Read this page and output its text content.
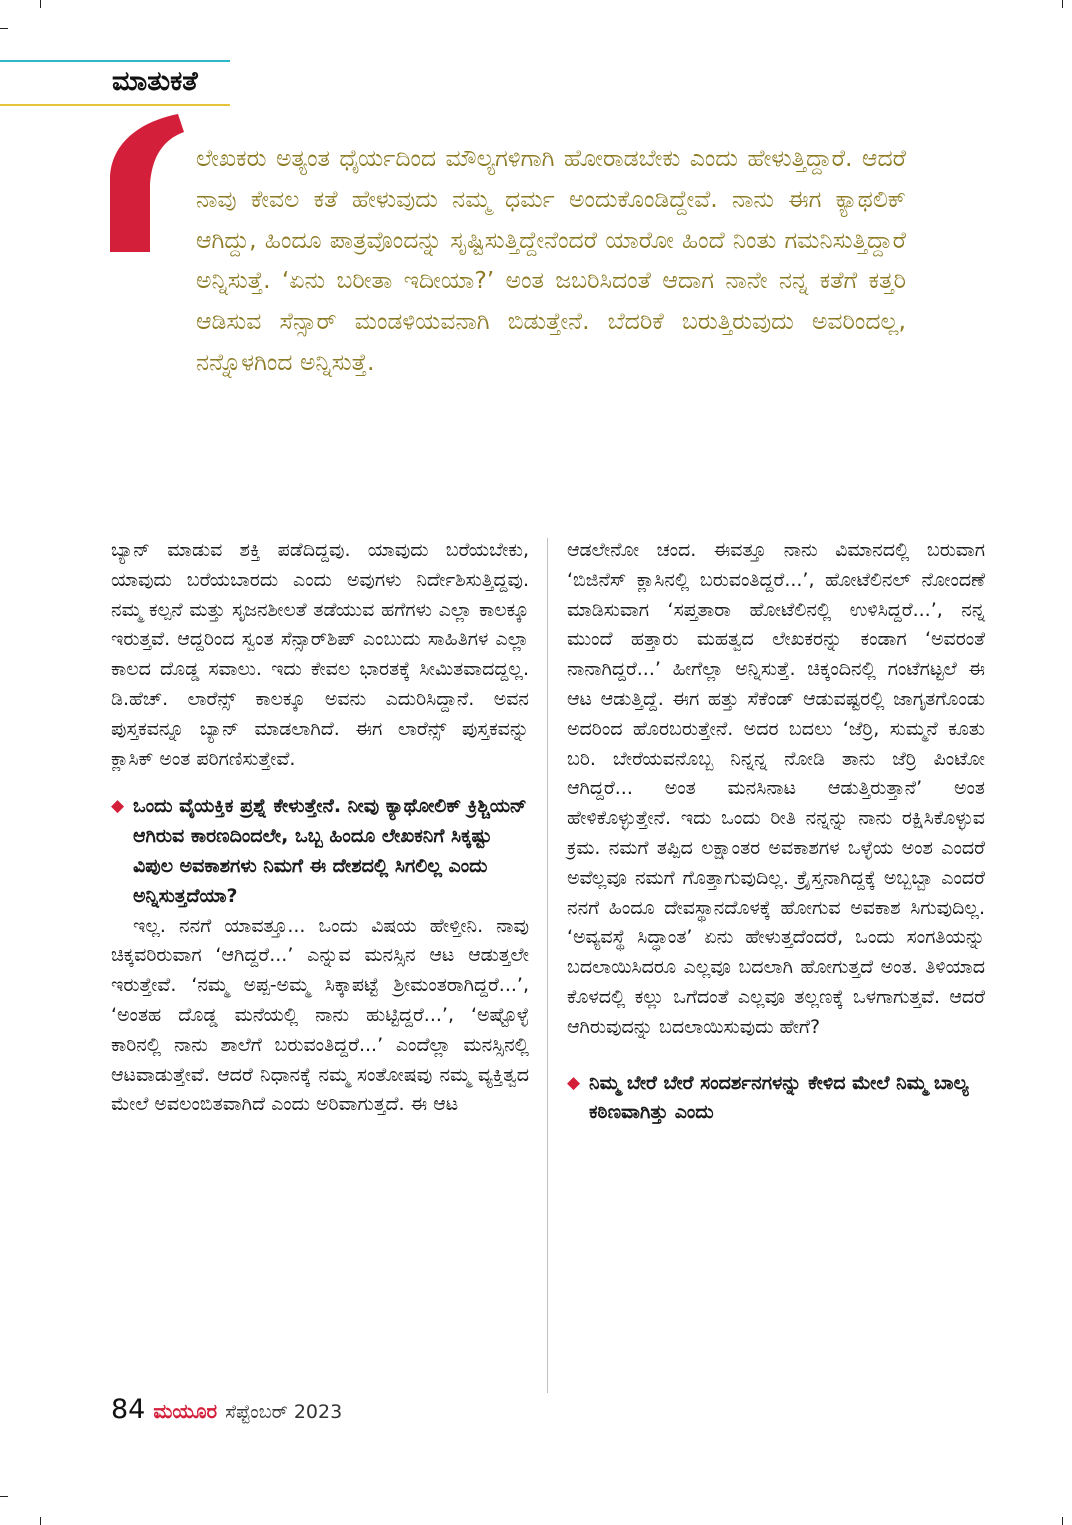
ಮಾತುಕತೆ
ಲೇಖಕರು ಅತ್ಯಂತ ಧೈರ್ಯದಿಂದ ಮೌಲ್ಯಗಳಿಗಾಗಿ ಹೋರಾಡಬೇಕು ಎಂದು ಹೇಳುತ್ತಿದ್ದಾರೆ. ಆದರೆ ನಾವು ಕೇವಲ ಕತೆ ಹೇಳುವುದು ನಮ್ಮ ಧರ್ಮ ಅಂದುಕೊಂಡಿದ್ದೇವೆ. ನಾನು ಈಗ ಕ್ಯಾಥಲಿಕ್ ಆಗಿದ್ದು, ಹಿಂದೂ ಪಾತ್ರವೊಂದನ್ನು ಸೃಷ್ಟಿಸುತ್ತಿದ್ದೇನೆಂದರೆ ಯಾರೋ ಹಿಂದೆ ನಿಂತು ಗಮನಿಸುತ್ತಿದ್ದಾರೆ ಅನ್ನಿಸುತ್ತೆ. ‘ಏನು ಬರೀತಾ ಇದೀಯಾ?’ ಅಂತ ಜಬರಿಸಿದಂತೆ ಆದಾಗ ನಾನೇ ನನ್ನ ಕತೆಗೆ ಕತ್ತರಿ ಆಡಿಸುವ ಸೆನ್ಸಾರ್ ಮಂಡಳಿಯವನಾಗಿ ಬಿಡುತ್ತೇನೆ. ಬೆದರಿಕೆ ಬರುತ್ತಿರುವುದು ಅವರಿಂದಲ್ಲ, ನನ್ನೊಳಗಿಂದ ಅನ್ನಿಸುತ್ತೆ.

ಬ್ಯಾನ್ ಮಾಡುವ ಶಕ್ತಿ ಪಡೆದಿದ್ದವು. ಯಾವುದು ಬರೆಯಬೇಕು, ಯಾವುದು ಬರೆಯಬಾರದು ಎಂದು ಅವುಗಳು ನಿರ್ದೇಶಿಸುತ್ತಿದ್ದವು. ನಮ್ಮ ಕಲ್ಪನೆ ಮತ್ತು ಸೃಜನಶೀಲತೆ ತಡೆಯುವ ಹಗೆಗಳು ಎಲ್ಲಾ ಕಾಲಕ್ಕೂ ಇರುತ್ತವೆ. ಆದ್ದರಿಂದ ಸ್ವಂತ ಸೆನ್ಸಾರ್‌ಶಿಪ್ ಎಂಬುದು ಸಾಹಿತಿಗಳ ಎಲ್ಲಾ ಕಾಲದ ದೊಡ್ಡ ಸವಾಲು. ಇದು ಕೇವಲ ಭಾರತಕ್ಕೆ ಸೀಮಿತವಾದದ್ದಲ್ಲ. ಡಿ.ಹೆಚ್. ಲಾರೆನ್ಸ್ ಕಾಲಕ್ಕೂ ಅವನು ಎದುರಿಸಿದ್ದಾನೆ. ಅವನ ಪುಸ್ತಕವನ್ನೂ ಬ್ಯಾನ್ ಮಾಡಲಾಗಿದೆ. ಈಗ ಲಾರೆನ್ಸ್ ಪುಸ್ತಕವನ್ನು ಕ್ಲಾಸಿಕ್ ಅಂತ ಪರಿಗಣಿಸುತ್ತೇವೆ.

◆ ಒಂದು ವೈಯಕ್ತಿಕ ಪ್ರಶ್ನೆ ಕೇಳುತ್ತೇನೆ. ನೀವು ಕ್ಯಾಥೋಲಿಕ್ ಕ್ರಿಶ್ಚಿಯನ್ ಆಗಿರುವ ಕಾರಣದಿಂದಲೇ, ಒಬ್ಬ ಹಿಂದೂ ಲೇಖಕನಿಗೆ ಸಿಕ್ಕಷ್ಟು ವಿಪುಲ ಅವಕಾಶಗಳು ನಿಮಗೆ ಈ ದೇಶದಲ್ಲಿ ಸಿಗಲಿಲ್ಲ ಎಂದು ಅನ್ನಿಸುತ್ತದೆಯಾ?

ಇಲ್ಲ. ನನಗೆ ಯಾವತ್ತೂ... ಒಂದು ವಿಷಯ ಹೇಳ್ತೀನಿ. ನಾವು ಚಿಕ್ಕವರಿರುವಾಗ ‘ಆಗಿದ್ದರೆ...’ ಎನ್ನುವ ಮನಸ್ಸಿನ ಆಟ ಆಡುತ್ತಲೇ ಇರುತ್ತೇವೆ. ‘ನಮ್ಮ ಅಪ್ಪ-ಅಮ್ಮ ಸಿಕ್ಕಾಪಟ್ಟೆ ಶ್ರೀಮಂತರಾಗಿದ್ದರೆ...’, ‘ಅಂತಹ ದೊಡ್ಡ ಮನೆಯಲ್ಲಿ ನಾನು ಹುಟ್ಟಿದ್ದರೆ...’, ‘ಅಷ್ಟೊಳ್ಳೆ ಕಾರಿನಲ್ಲಿ ನಾನು ಶಾಲೆಗೆ ಬರುವಂತಿದ್ದರೆ...’ ಎಂದೆಲ್ಲಾ ಮನಸ್ಸಿನಲ್ಲಿ ಆಟವಾಡುತ್ತೇವೆ. ಆದರೆ ನಿಧಾನಕ್ಕೆ ನಮ್ಮ ಸಂತೋಷವು ನಮ್ಮ ವ್ಯಕ್ತಿತ್ವದ ಮೇಲೆ ಅವಲಂಬಿತವಾಗಿದೆ ಎಂದು ಅರಿವಾಗುತ್ತದೆ. ಈ ಆಟ

ಆಡಲೇನೋ ಚಂದ. ಈವತ್ತೂ ನಾನು ವಿಮಾನದಲ್ಲಿ ಬರುವಾಗ ‘ಬಿಜಿನೆಸ್ ಕ್ಲಾಸಿನಲ್ಲಿ ಬರುವಂತಿದ್ದರೆ...’, ಹೋಟೆಲಿನಲ್ ನೋಂದಣೆ ಮಾಡಿಸುವಾಗ ‘ಸಪ್ತತಾರಾ ಹೋಟೆಲಿನಲ್ಲಿ ಉಳಿಸಿದ್ದರೆ...’, ನನ್ನ ಮುಂದೆ ಹತ್ತಾರು ಮಹತ್ವದ ಲೇಖಕರನ್ನು ಕಂಡಾಗ ‘ಅವರಂತೆ ನಾನಾಗಿದ್ದರೆ...’ ಹೀಗೆಲ್ಲಾ ಅನ್ನಿಸುತ್ತೆ. ಚಿಕ್ಕಂದಿನಲ್ಲಿ ಗಂಟೆಗಟ್ಟಲೆ ಈ ಆಟ ಆಡುತ್ತಿದ್ದೆ. ಈಗ ಹತ್ತು ಸೆಕೆಂಡ್ ಆಡುವಷ್ಟರಲ್ಲಿ ಜಾಗೃತಗೊಂಡು ಅದರಿಂದ ಹೊರಬರುತ್ತೇನೆ. ಅದರ ಬದಲು ‘ಜೆರ್ರಿ, ಸುಮ್ಮನೆ ಕೂತು ಬರಿ. ಬೇರೆಯವನೊಬ್ಬ ನಿನ್ನನ್ನ ನೋಡಿ ತಾನು ಜೆರ್ರಿ ಪಿಂಟೋ ಆಗಿದ್ದರೆ... ಅಂತ ಮನಸಿನಾಟ ಆಡುತ್ತಿರುತ್ತಾನೆ’ ಅಂತ ಹೇಳಿಕೊಳ್ಳುತ್ತೇನೆ. ಇದು ಒಂದು ರೀತಿ ನನ್ನನ್ನು ನಾನು ರಕ್ಷಿಸಿಕೊಳ್ಳುವ ಕ್ರಮ. ನಮಗೆ ತಪ್ಪಿದ ಲಕ್ಷಾಂತರ ಅವಕಾಶಗಳ ಒಳ್ಳೆಯ ಅಂಶ ಎಂದರೆ ಅವೆಲ್ಲವೂ ನಮಗೆ ಗೊತ್ತಾಗುವುದಿಲ್ಲ. ಕ್ರೈಸ್ತನಾಗಿದ್ದಕ್ಕೆ ಅಬ್ಬಬ್ಬಾ ಎಂದರೆ ನನಗೆ ಹಿಂದೂ ದೇವಸ್ಥಾನದೊಳಕ್ಕೆ ಹೋಗುವ ಅವಕಾಶ ಸಿಗುವುದಿಲ್ಲ. ‘ಅವ್ಯವಸ್ಥೆ ಸಿದ್ಧಾಂತ’ ಏನು ಹೇಳುತ್ತದೆಂದರೆ, ಒಂದು ಸಂಗತಿಯನ್ನು ಬದಲಾಯಿಸಿದರೂ ಎಲ್ಲವೂ ಬದಲಾಗಿ ಹೋಗುತ್ತದೆ ಅಂತ. ತಿಳಿಯಾದ ಕೊಳದಲ್ಲಿ ಕಲ್ಲು ಒಗೆದಂತೆ ಎಲ್ಲವೂ ತಲ್ಲಣಕ್ಕೆ ಒಳಗಾಗುತ್ತವೆ. ಆದರೆ ಆಗಿರುವುದನ್ನು ಬದಲಾಯಿಸುವುದು ಹೇಗೆ?

◆ ನಿಮ್ಮ ಬೇರೆ ಬೇರೆ ಸಂದರ್ಶನಗಳನ್ನು ಕೇಳಿದ ಮೇಲೆ ನಿಮ್ಮ ಬಾಲ್ಯ ಕಠಿಣವಾಗಿತ್ತು ಎಂದು
84 ಮಯೂರ ಸೆಪ್ಟೆಂಬರ್ 2023
